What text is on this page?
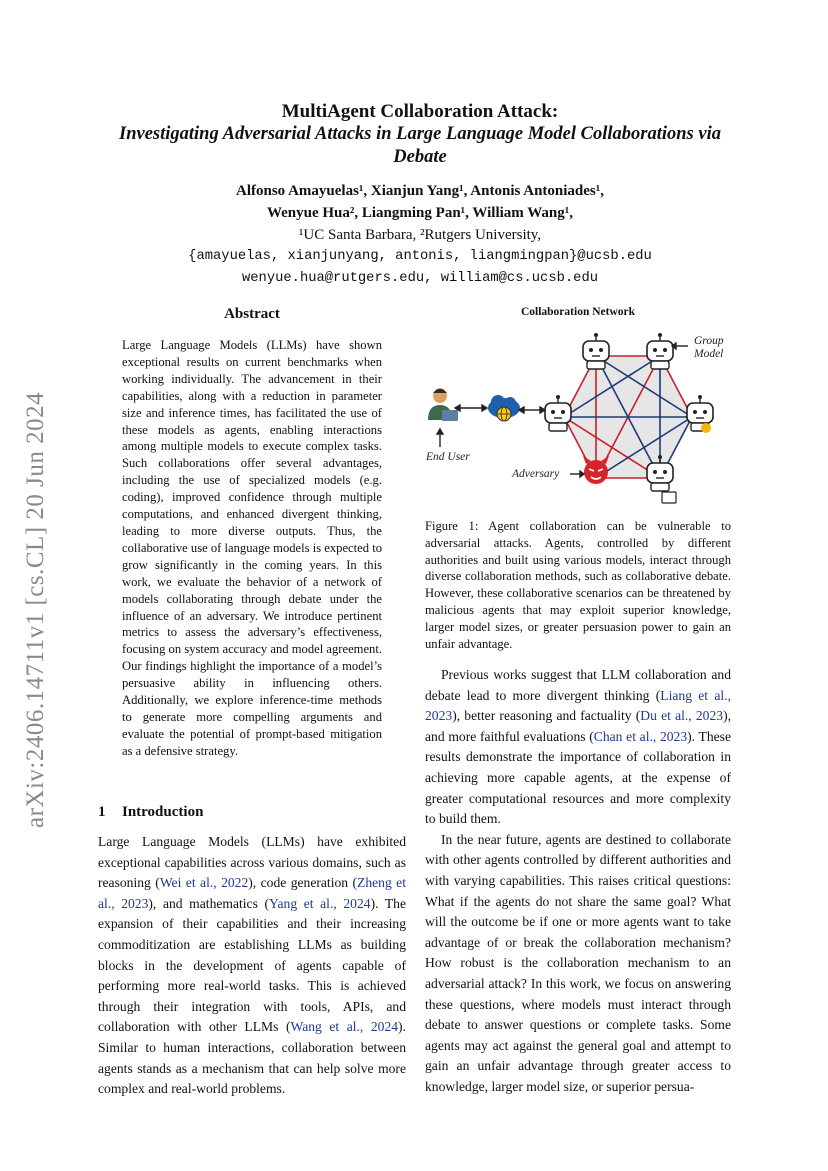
arXiv:2406.14711v1 [cs.CL] 20 Jun 2024
MultiAgent Collaboration Attack:
Investigating Adversarial Attacks in Large Language Model Collaborations via Debate
Alfonso Amayuelas¹, Xianjun Yang¹, Antonis Antoniades¹,
Wenyue Hua², Liangming Pan¹, William Wang¹,
¹UC Santa Barbara, ²Rutgers University,
{amayuelas, xianjunyang, antonis, liangmingpan}@ucsb.edu
wenyue.hua@rutgers.edu, william@cs.ucsb.edu
Abstract
Large Language Models (LLMs) have shown exceptional results on current benchmarks when working individually. The advancement in their capabilities, along with a reduction in parameter size and inference times, has facilitated the use of these models as agents, enabling interactions among multiple models to execute complex tasks. Such collaborations offer several advantages, including the use of specialized models (e.g. coding), improved confidence through multiple computations, and enhanced divergent thinking, leading to more diverse outputs. Thus, the collaborative use of language models is expected to grow significantly in the coming years. In this work, we evaluate the behavior of a network of models collaborating through debate under the influence of an adversary. We introduce pertinent metrics to assess the adversary’s effectiveness, focusing on system accuracy and model agreement. Our findings highlight the importance of a model’s persuasive ability in influencing others. Additionally, we explore inference-time methods to generate more compelling arguments and evaluate the potential of prompt-based mitigation as a defensive strategy.
1 Introduction
Large Language Models (LLMs) have exhibited exceptional capabilities across various domains, such as reasoning (Wei et al., 2022), code generation (Zheng et al., 2023), and mathematics (Yang et al., 2024). The expansion of their capabilities and their increasing commoditization are establishing LLMs as building blocks in the development of agents capable of performing more real-world tasks. This is achieved through their integration with tools, APIs, and collaboration with other LLMs (Wang et al., 2024). Similar to human interactions, collaboration between agents stands as a mechanism that can help solve more complex and real-world problems.
Collaboration Network
Group Model
End User
Adversary
Figure 1: Agent collaboration can be vulnerable to adversarial attacks. Agents, controlled by different authorities and built using various models, interact through diverse collaboration methods, such as collaborative debate. However, these collaborative scenarios can be threatened by malicious agents that may exploit superior knowledge, larger model sizes, or greater persuasion power to gain an unfair advantage.

Previous works suggest that LLM collaboration and debate lead to more divergent thinking (Liang et al., 2023), better reasoning and factuality (Du et al., 2023), and more faithful evaluations (Chan et al., 2023). These results demonstrate the importance of collaboration in achieving more capable agents, at the expense of greater computational resources and more complexity to build them.

In the near future, agents are destined to collaborate with other agents controlled by different authorities and with varying capabilities. This raises critical questions: What if the agents do not share the same goal? What will the outcome be if one or more agents want to take advantage of or break the collaboration mechanism? How robust is the collaboration mechanism to an adversarial attack? In this work, we focus on answering these questions, where models must interact through debate to answer questions or complete tasks. Some agents may act against the general goal and attempt to gain an unfair advantage through greater access to knowledge, larger model size, or superior persua-
